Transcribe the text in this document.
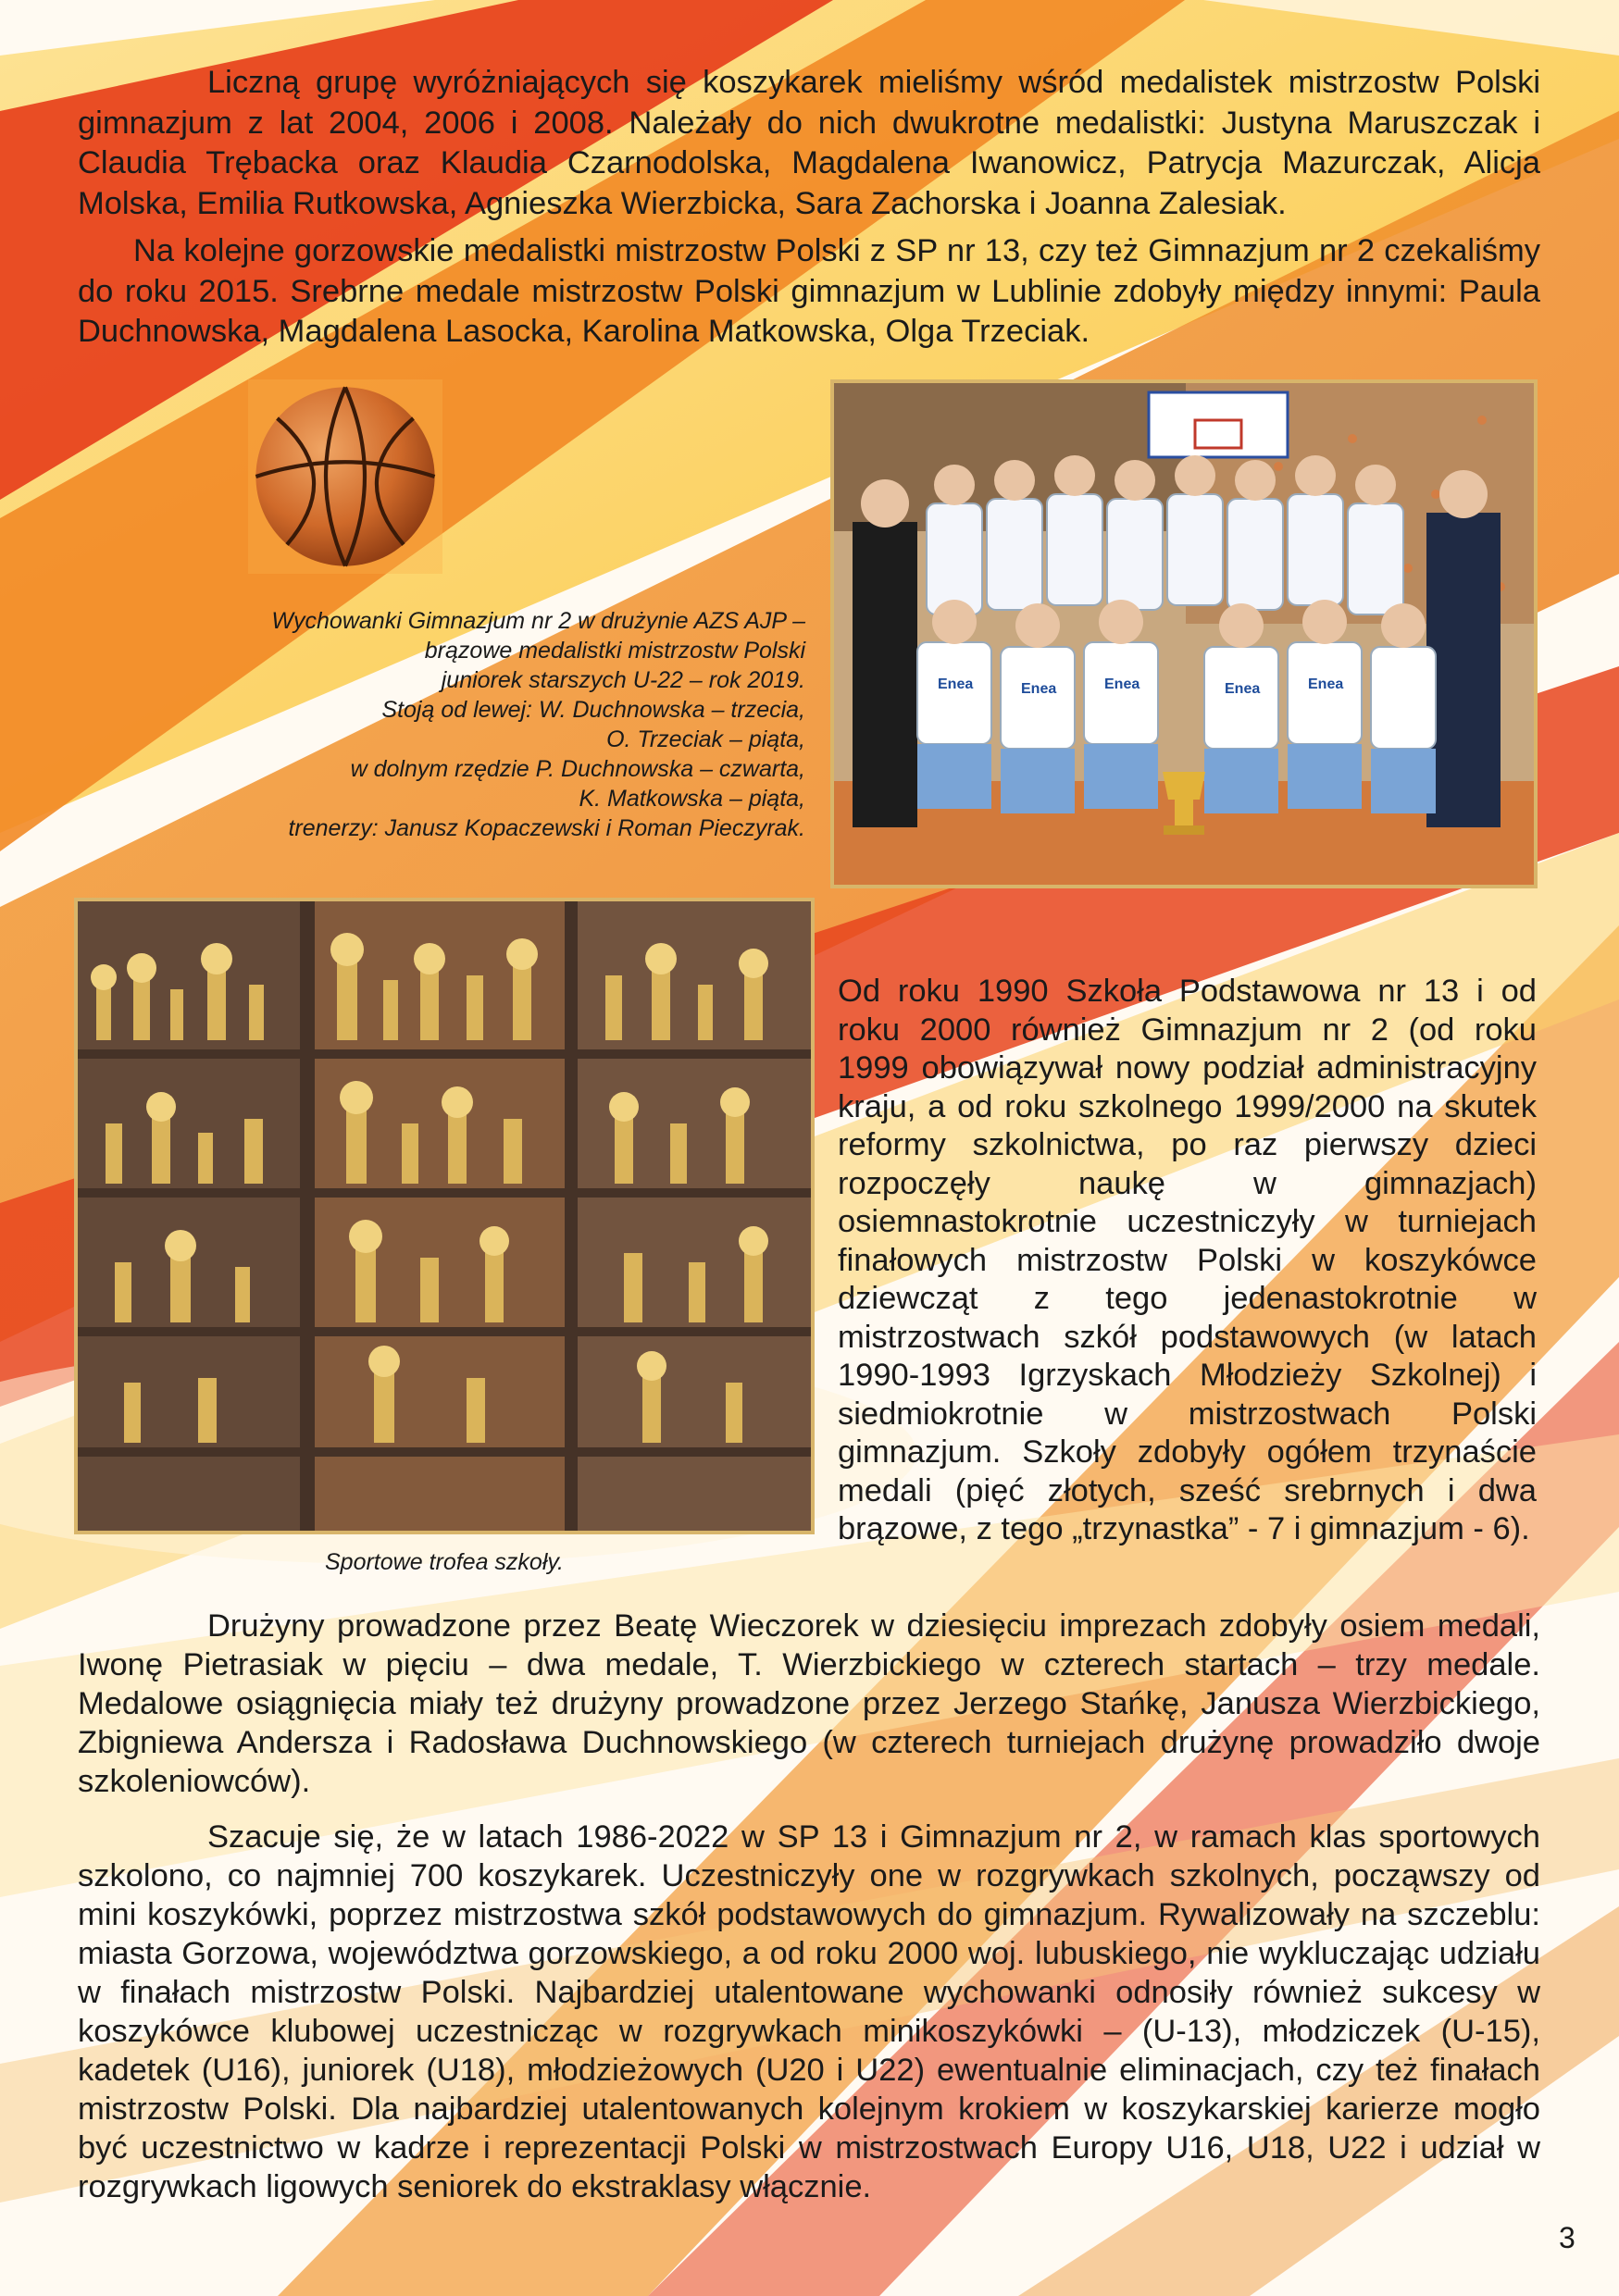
Liczną grupę wyróżniających się koszykarek mieliśmy wśród medalistek mistrzostw Polski gimnazjum z lat 2004, 2006 i 2008. Należały do nich dwukrotne medalistki: Justyna Maruszczak i Claudia Trębacka oraz Klaudia Czarnodolska, Magdalena Iwanowicz, Patrycja Mazurczak, Alicja Molska, Emilia Rutkowska, Agnieszka Wierzbicka, Sara Zachorska i Joanna Zalesiak.

Na kolejne gorzowskie medalistki mistrzostw Polski z SP nr 13, czy też Gimnazjum nr 2 czekaliśmy do roku 2015. Srebrne medale mistrzostw Polski gimnazjum w Lublinie zdobyły między innymi: Paula Duchnowska, Magdalena Lasocka, Karolina Matkowska, Olga Trzeciak.

Enea	Enea	Enea	Enea	Enea

Wychowanki Gimnazjum nr 2 w drużynie AZS AJP –

brązowe medalistki mistrzostw Polski

juniorek starszych U-22 – rok 2019.

Stoją od lewej: W. Duchnowska – trzecia,

O. Trzeciak – piąta,

w dolnym rzędzie P. Duchnowska – czwarta,

K. Matkowska – piąta,

trenerzy: Janusz Kopaczewski i Roman Pieczyrak.

Sportowe trofea szkoły.

Od roku 1990 Szkoła Podstawowa nr 13 i od roku 2000 również Gimnazjum nr 2 (od roku 1999 obowiązywał nowy podział administracyjny kraju, a od roku szkolnego 1999/2000 na skutek reformy szkolnictwa, po raz pierwszy dzieci rozpoczęły naukę w gimnazjach) osiemnastokrotnie uczestniczyły w turniejach finałowych mistrzostw Polski w koszykówce dziewcząt z tego jedenastokrotnie w mistrzostwach szkół podstawowych (w latach 1990-1993 Igrzyskach Młodzieży Szkolnej) i siedmiokrotnie w mistrzostwach Polski gimnazjum. Szkoły zdobyły ogółem trzynaście medali (pięć złotych, sześć srebrnych i dwa brązowe, z tego „trzynastka” - 7 i gimnazjum - 6).

Drużyny prowadzone przez Beatę Wieczorek w dziesięciu imprezach zdobyły osiem medali, Iwonę Pietrasiak w pięciu – dwa medale, T. Wierzbickiego w czterech startach – trzy medale. Medalowe osiągnięcia miały też drużyny prowadzone przez Jerzego Stańkę, Janusza Wierzbickiego, Zbigniewa Andersza i Radosława Duchnowskiego (w czterech turniejach drużynę prowadziło dwoje szkoleniowców).

Szacuje się, że w latach 1986-2022 w SP 13 i Gimnazjum nr 2, w ramach klas sportowych szkolono, co najmniej 700 koszykarek. Uczestniczyły one w rozgrywkach szkolnych, począwszy od mini koszykówki, poprzez mistrzostwa szkół podstawowych do gimnazjum. Rywalizowały na szczeblu: miasta Gorzowa, województwa gorzowskiego, a od roku 2000 woj. lubuskiego, nie wykluczając udziału w finałach mistrzostw Polski. Najbardziej utalentowane wychowanki odnosiły również sukcesy w koszykówce klubowej uczestnicząc w rozgrywkach minikoszykówki – (U-13), młodziczek (U-15), kadetek (U16), juniorek (U18), młodzieżowych (U20 i U22) ewentualnie eliminacjach, czy też finałach mistrzostw Polski. Dla najbardziej utalentowanych kolejnym krokiem w koszykarskiej karierze mogło być uczestnictwo w kadrze i reprezentacji Polski w mistrzostwach Europy U16, U18, U22 i udział w rozgrywkach ligowych seniorek do ekstraklasy włącznie.

3
